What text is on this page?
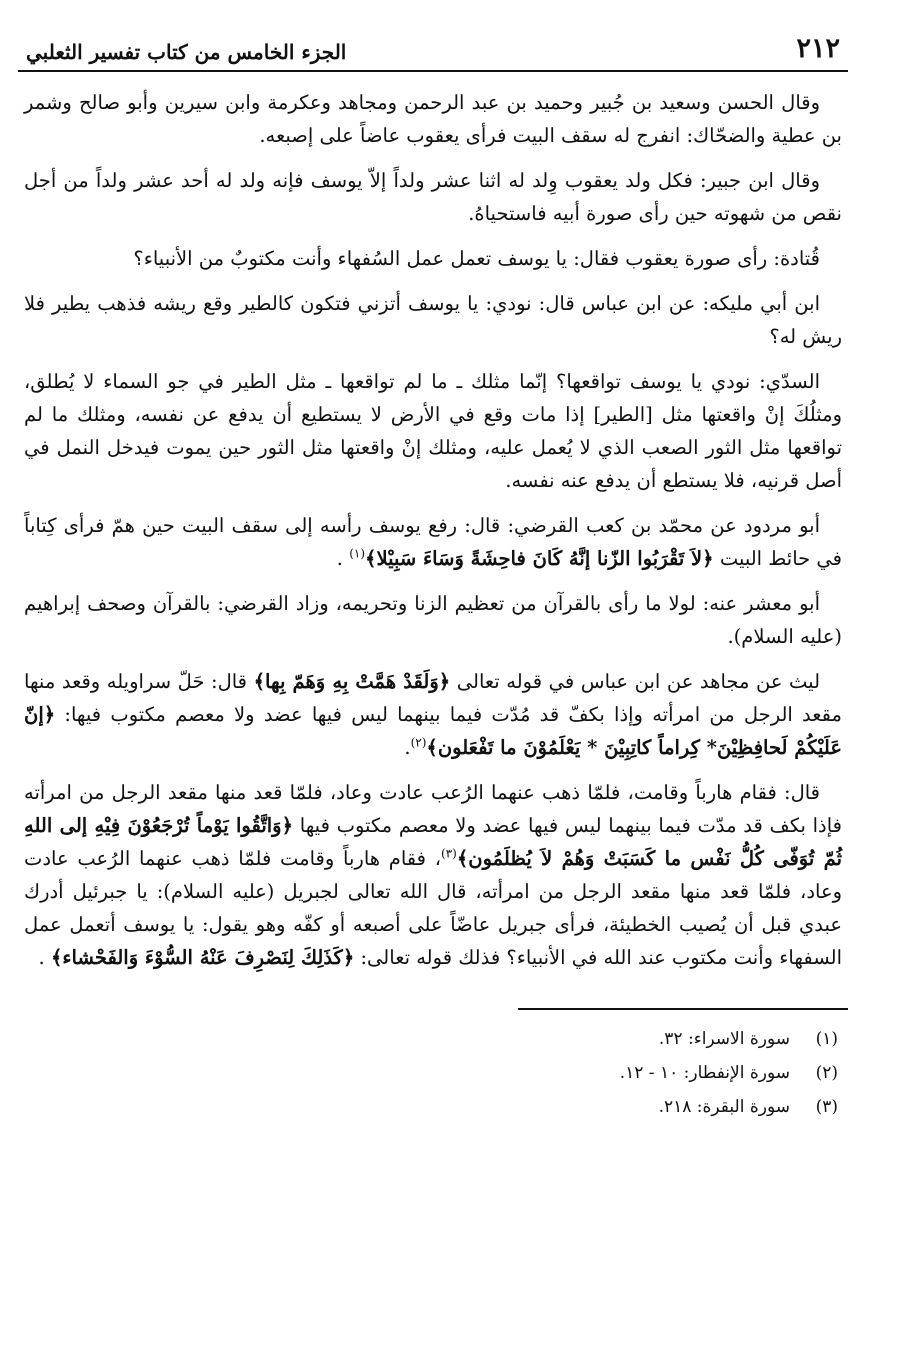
٢١٢
الجزء الخامس من كتاب تفسير الثعلبي

وقال الحسن وسعيد بن جُبير وحميد بن عبد الرحمن ومجاهد وعكرمة وابن سيرين وأبو صالح وشمر بن عطية والضحّاك: انفرج له سقف البيت فرأى يعقوب عاضاً على إصبعه.

وقال ابن جبير: فكل ولد يعقوب وِلد له اثنا عشر ولداً إلاّ يوسف فإنه ولد له أحد عشر ولداً من أجل نقص من شهوته حين رأى صورة أبيه فاستحياهُ.

قُتادة: رأى صورة يعقوب فقال: يا يوسف تعمل عمل السُفهاء وأنت مكتوبٌ من الأنبياء؟

ابن أبي مليكه: عن ابن عباس قال: نودي: يا يوسف أتزني فتكون كالطير وقع ريشه فذهب يطير فلا ريش له؟

السدّي: نودي يا يوسف تواقعها؟ إنّما مثلك ـ ما لم تواقعها ـ مثل الطير في جو السماء لا يُطلق، ومثلُكَ إنْ واقعتها مثل [الطير] إذا مات وقع في الأرض لا يستطيع أن يدفع عن نفسه، ومثلك ما لم تواقعها مثل الثور الصعب الذي لا يُعمل عليه، ومثلك إنْ واقعتها مثل الثور حين يموت فيدخل النمل في أصل قرنيه، فلا يستطع أن يدفع عنه نفسه.

أبو مردود عن محمّد بن كعب القرضي: قال: رفع يوسف رأسه إلى سقف البيت حين همّ فرأى كِتاباً في حائط البيت ﴿لاَ تَقْرَبُوا الزّنا إنَّهُ كَانَ فاحِشَةً وَسَاءَ سَبِيْلا﴾$^{(١)}$ .

أبو معشر عنه: لولا ما رأى بالقرآن من تعظيم الزنا وتحريمه، وزاد القرضي: بالقرآن وصحف إبراهيم (عليه السلام).

ليث عن مجاهد عن ابن عباس في قوله تعالى ﴿وَلَقَدْ هَمَّتْ بِهِ وَهَمّ بِها﴾ قال: حَلّ سراويله وقعد منها مقعد الرجل من امرأته وإذا بكفّ قد مُدّت فيما بينهما ليس فيها عضد ولا معصم مكتوب فيها: ﴿إنّ عَلَيْكُمْ لَحافِظِيْنَ* كِراماً كاتِبِيْنَ * يَعْلَمُوْنَ ما تَفْعَلون﴾$^{(٢)}$.

قال: فقام هارباً وقامت، فلمّا ذهب عنهما الرُعب عادت وعاد، فلمّا قعد منها مقعد الرجل من امرأته فإذا بكف قد مدّت فيما بينهما ليس فيها عضد ولا معصم مكتوب فيها ﴿وَاتَّقُوا يَوْماً تُرْجَعُوْنَ فِيْهِ إلى اللهِ ثُمّ تُوَفّى كُلُّ نَفْس ما كَسَبَتْ وَهُمْ لاَ يُظلَمُون﴾$^{(٣)}$، فقام هارباً وقامت فلمّا ذهب عنهما الرُعب عادت وعاد، فلمّا قعد منها مقعد الرجل من امرأته، قال الله تعالى لجبريل (عليه السلام): يا جبرئيل أدرك عبدي قبل أن يُصيب الخطيئة، فرأى جبريل عاضّاً على أصبعه أو كفّه وهو يقول: يا يوسف أتعمل عمل السفهاء وأنت مكتوب عند الله في الأنبياء؟ فذلك قوله تعالى: ﴿كَذَلِكَ لِنَصْرِفَ عَنْهُ السُّوْءَ وَالفَحْشاء﴾ .

(١)
سورة الاسراء: ٣٢.
(٢)
سورة الإنفطار: ١٠ - ١٢.
(٣)
سورة البقرة: ٢١٨.
